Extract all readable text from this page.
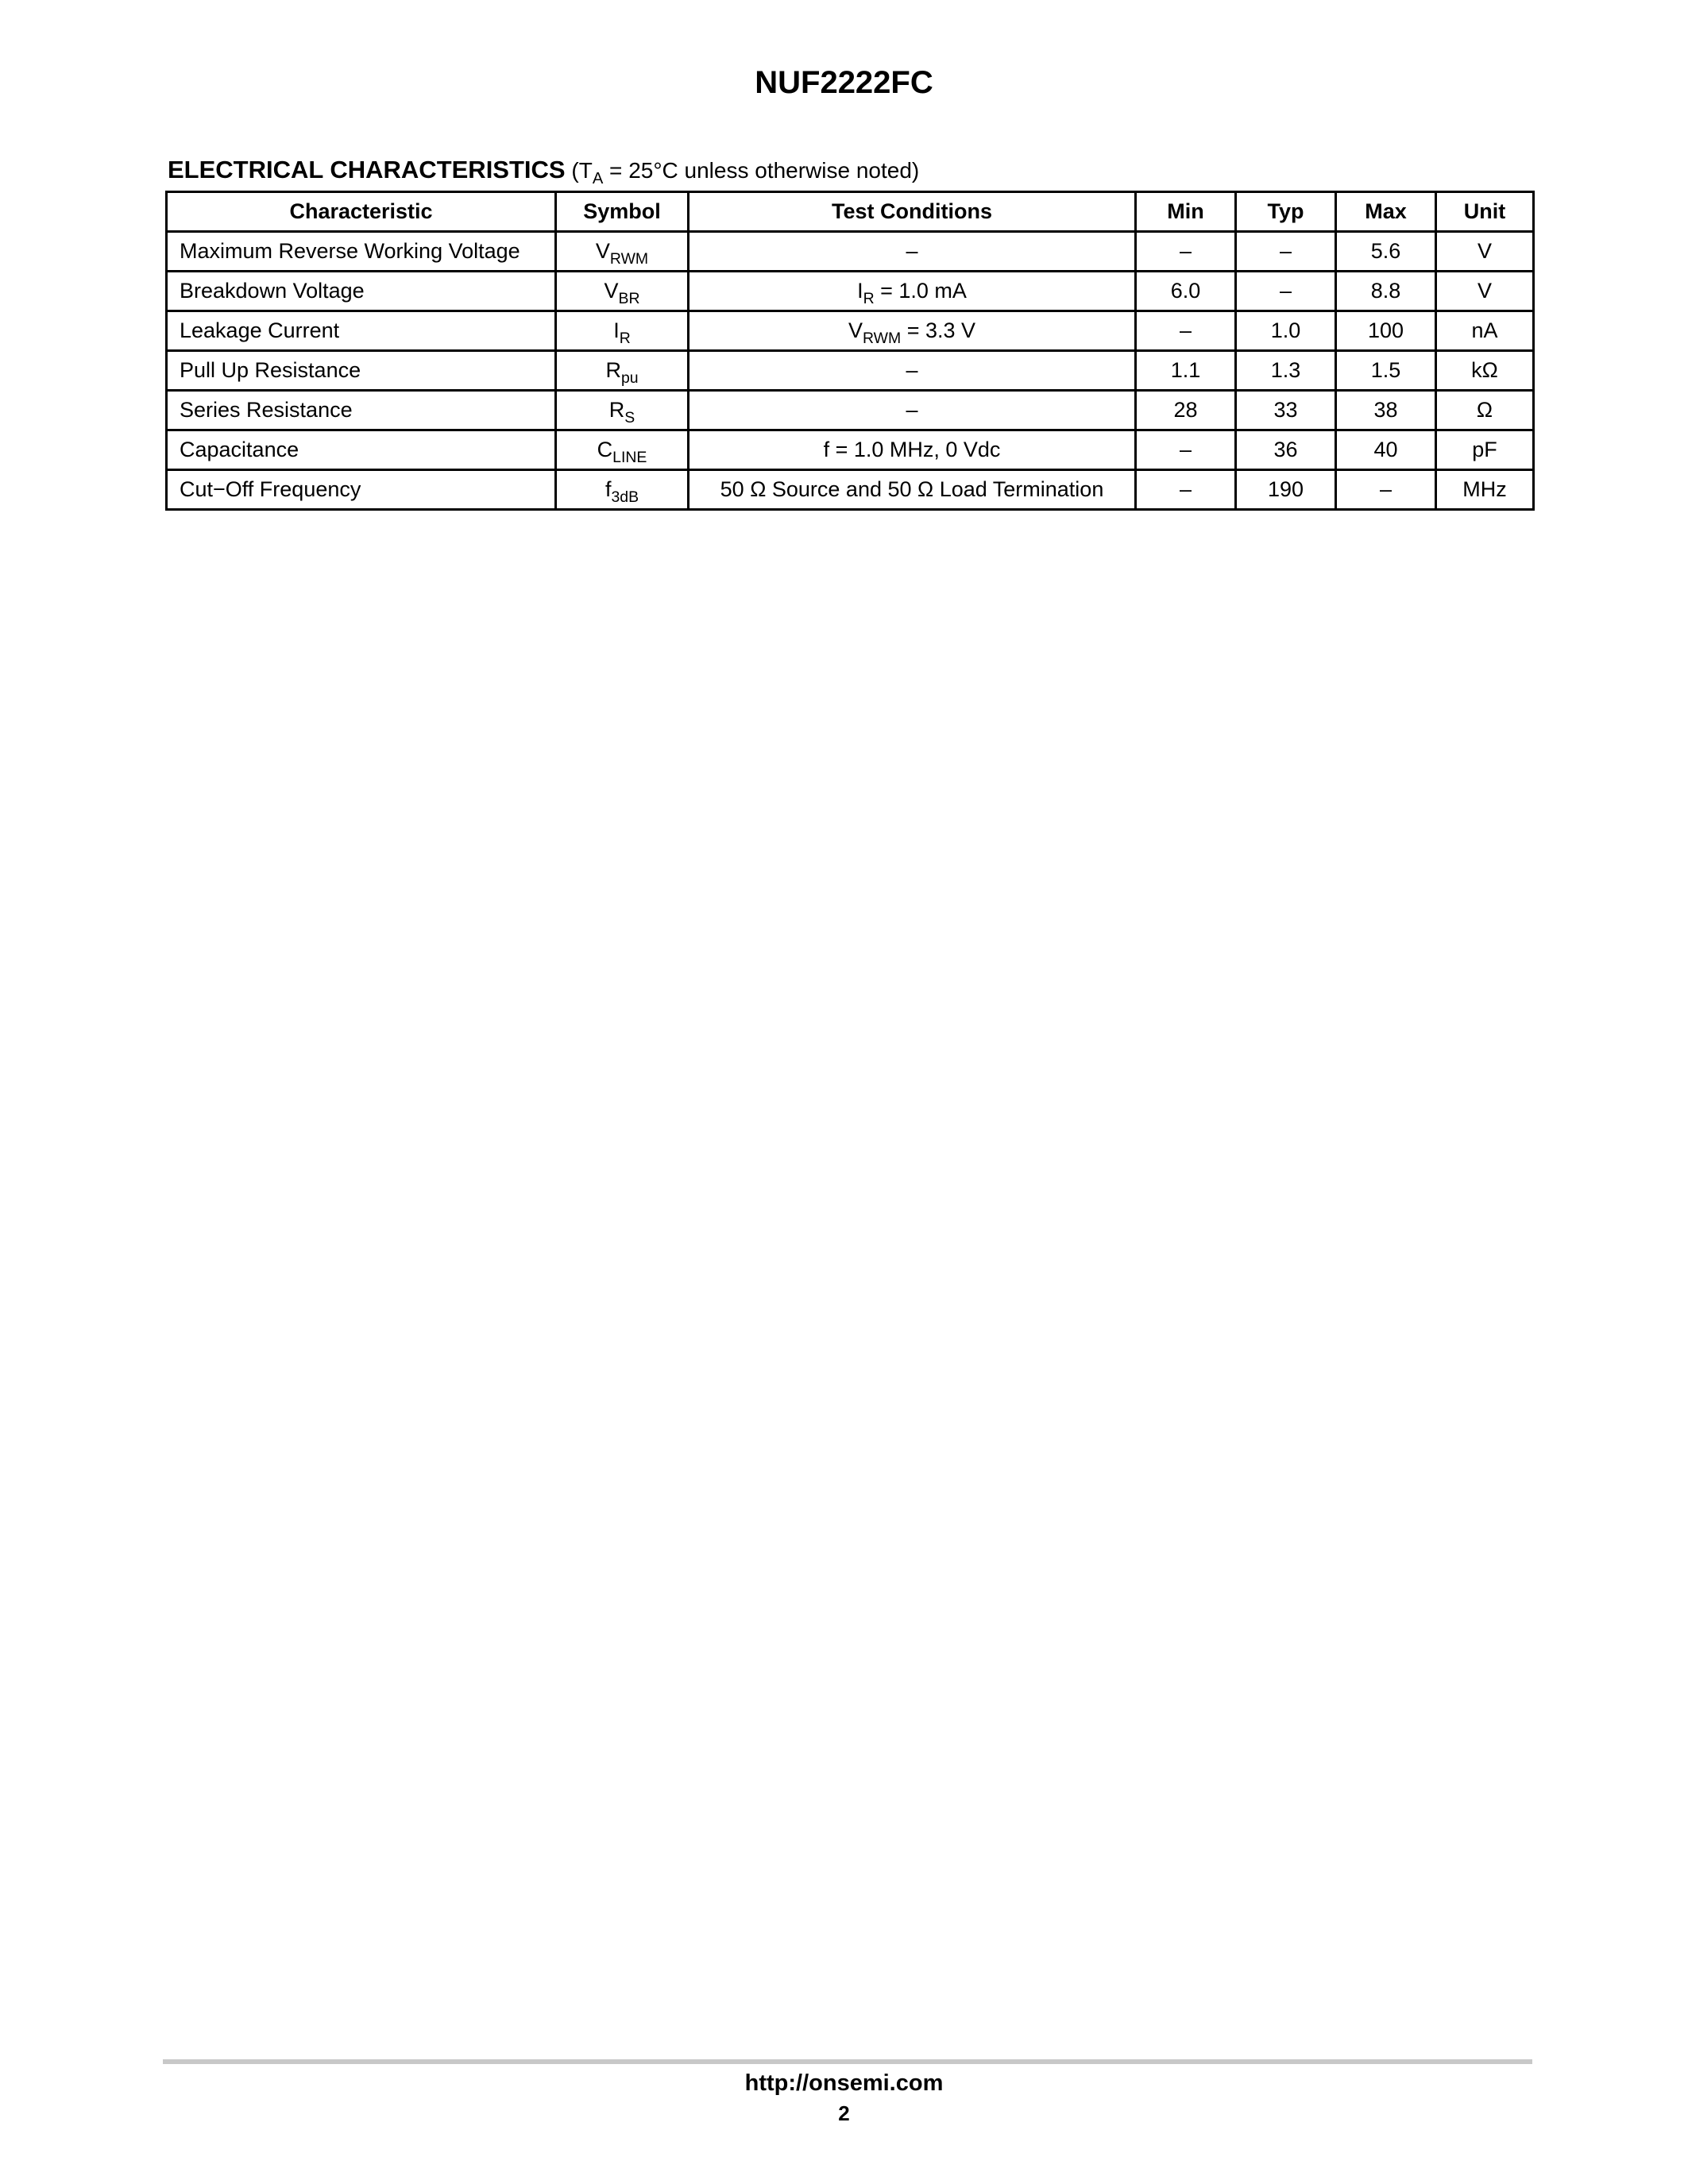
NUF2222FC
ELECTRICAL CHARACTERISTICS ($T_A = 25^\circ C$ unless otherwise noted)
Characteristic	Symbol	Test Conditions	Min	Typ	Max	Unit
Maximum Reverse Working Voltage	$V_{RWM}$	–	–	–	5.6	V
Breakdown Voltage	$V_{BR}$	$I_R = 1.0$ mA	6.0	–	8.8	V
Leakage Current	$I_R$	$V_{RWM} = 3.3$ V	–	1.0	100	nA
Pull Up Resistance	$R_{pu}$	–	1.1	1.3	1.5	kΩ
Series Resistance	$R_S$	–	28	33	38	Ω
Capacitance	$C_{LINE}$	f = 1.0 MHz, 0 Vdc	–	36	40	pF
Cut−Off Frequency	$f_{3dB}$	50 Ω Source and 50 Ω Load Termination	–	190	–	MHz
http://onsemi.com
2
